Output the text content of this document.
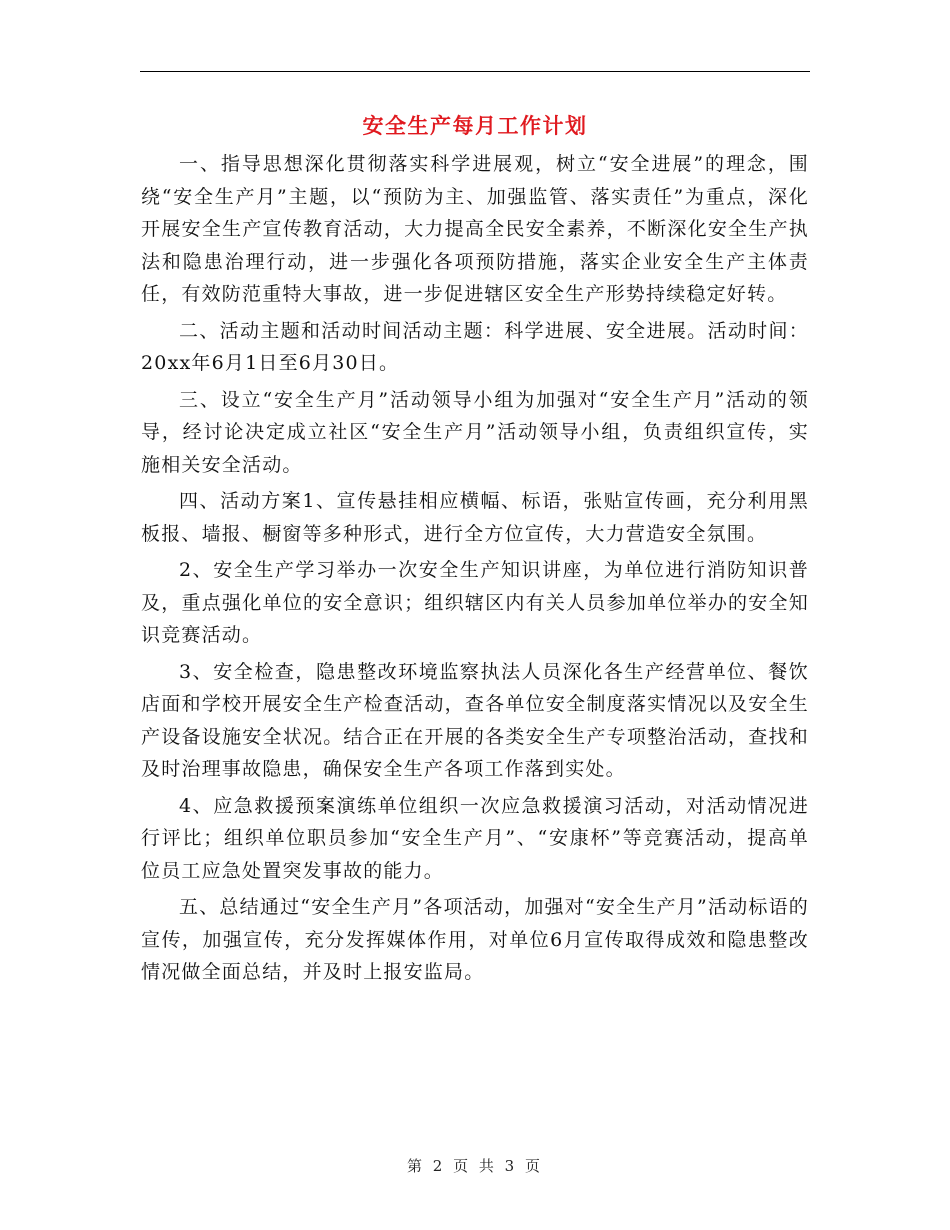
安全生产每月工作计划

一、指导思想深化贯彻落实科学进展观，树立“安全进展”的理念，围绕“安全生产月”主题，以“预防为主、加强监管、落实责任”为重点，深化开展安全生产宣传教育活动，大力提高全民安全素养，不断深化安全生产执法和隐患治理行动，进一步强化各项预防措施，落实企业安全生产主体责任，有效防范重特大事故，进一步促进辖区安全生产形势持续稳定好转。

二、活动主题和活动时间活动主题：科学进展、安全进展。活动时间：20xx年6月1日至6月30日。

三、设立“安全生产月”活动领导小组为加强对“安全生产月”活动的领导，经讨论决定成立社区“安全生产月”活动领导小组，负责组织宣传，实施相关安全活动。

四、活动方案1、宣传悬挂相应横幅、标语，张贴宣传画，充分利用黑板报、墙报、橱窗等多种形式，进行全方位宣传，大力营造安全氛围。

2、安全生产学习举办一次安全生产知识讲座，为单位进行消防知识普及，重点强化单位的安全意识；组织辖区内有关人员参加单位举办的安全知识竞赛活动。

3、安全检查，隐患整改环境监察执法人员深化各生产经营单位、餐饮店面和学校开展安全生产检查活动，查各单位安全制度落实情况以及安全生产设备设施安全状况。结合正在开展的各类安全生产专项整治活动，查找和及时治理事故隐患，确保安全生产各项工作落到实处。

4、应急救援预案演练单位组织一次应急救援演习活动，对活动情况进行评比；组织单位职员参加“安全生产月”、“安康杯”等竞赛活动，提高单位员工应急处置突发事故的能力。

五、总结通过“安全生产月”各项活动，加强对“安全生产月”活动标语的宣传，加强宣传，充分发挥媒体作用，对单位6月宣传取得成效和隐患整改情况做全面总结，并及时上报安监局。

第 2 页 共 3 页
